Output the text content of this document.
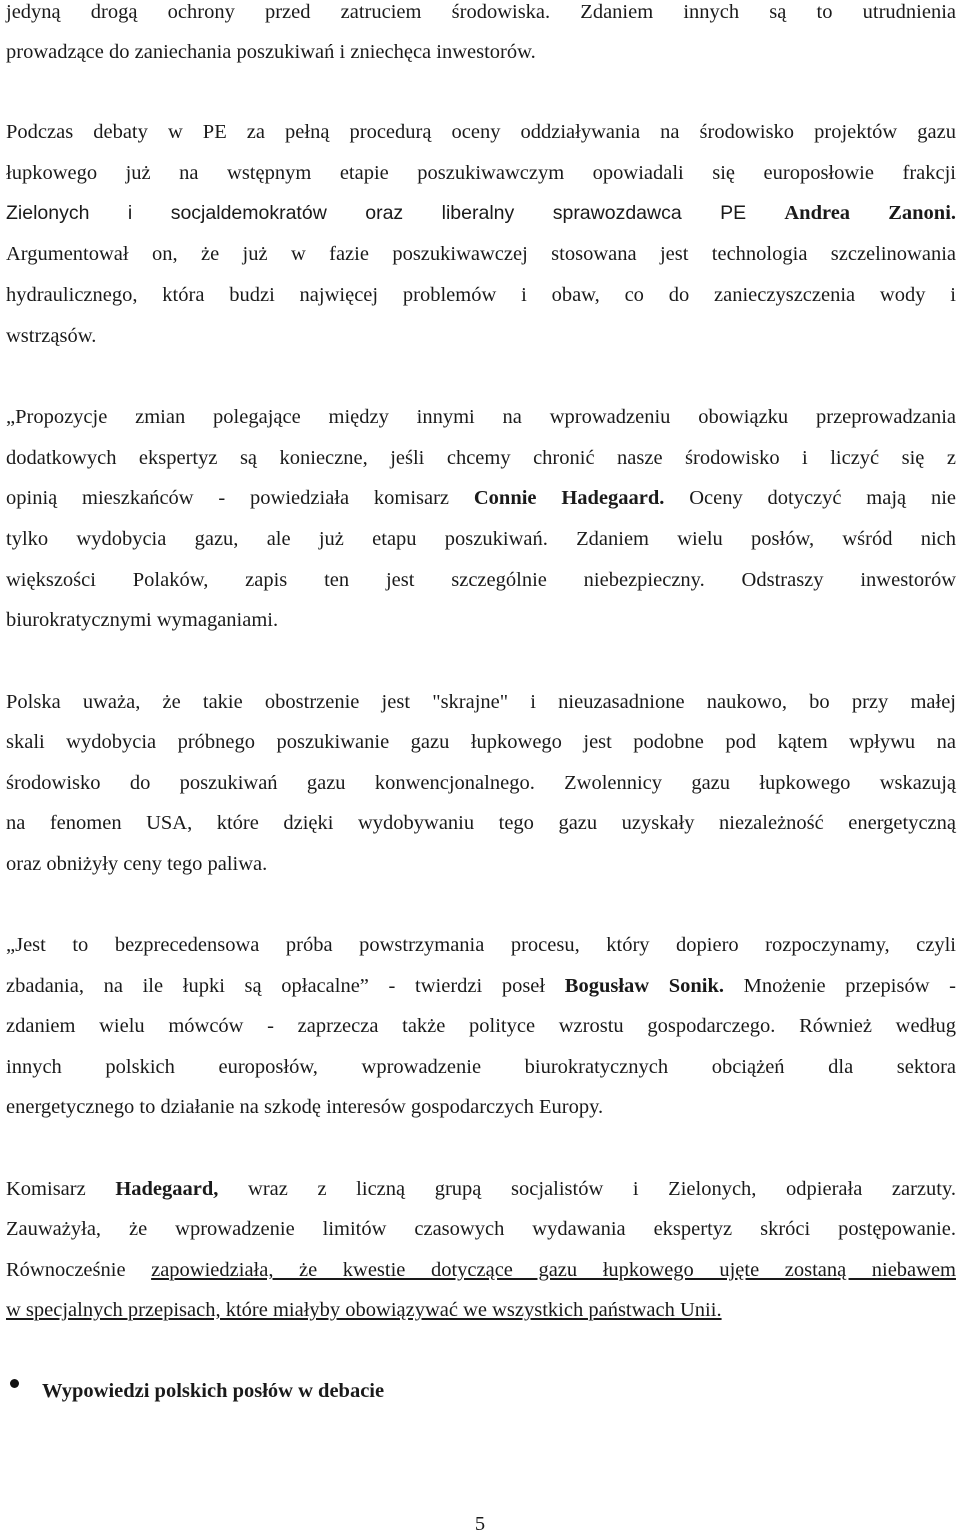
jedyną drogą ochrony przed zatruciem środowiska. Zdaniem innych są to utrudnienia
prowadzące do zaniechania poszukiwań i zniechęca inwestorów.
Podczas debaty w PE za pełną procedurą oceny oddziaływania na środowisko projektów gazu
łupkowego już na wstępnym etapie poszukiwawczym opowiadali się europosłowie frakcji
Zielonych i socjaldemokratów oraz liberalny sprawozdawca PE Andrea Zanoni.
Argumentował on, że już w fazie poszukiwawczej stosowana jest technologia szczelinowania
hydraulicznego, która budzi najwięcej problemów i obaw, co do zanieczyszczenia wody i
wstrząsów.
„Propozycje zmian polegające między innymi na wprowadzeniu obowiązku przeprowadzania
dodatkowych ekspertyz są konieczne, jeśli chcemy chronić nasze środowisko i liczyć się z
opinią mieszkańców - powiedziała komisarz Connie Hadegaard. Oceny dotyczyć mają nie
tylko wydobycia gazu, ale już etapu poszukiwań. Zdaniem wielu posłów, wśród nich
większości Polaków, zapis ten jest szczególnie niebezpieczny. Odstraszy inwestorów
biurokratycznymi wymaganiami.
Polska uważa, że takie obostrzenie jest "skrajne" i nieuzasadnione naukowo, bo przy małej
skali wydobycia próbnego poszukiwanie gazu łupkowego jest podobne pod kątem wpływu na
środowisko do poszukiwań gazu konwencjonalnego. Zwolennicy gazu łupkowego wskazują
na fenomen USA, które dzięki wydobywaniu tego gazu uzyskały niezależność energetyczną
oraz obniżyły ceny tego paliwa.
„Jest to bezprecedensowa próba powstrzymania procesu, który dopiero rozpoczynamy, czyli
zbadania, na ile łupki są opłacalne” - twierdzi poseł Bogusław Sonik. Mnożenie przepisów -
zdaniem wielu mówców - zaprzecza także polityce wzrostu gospodarczego. Również według
innych polskich europosłów, wprowadzenie biurokratycznych obciążeń dla sektora
energetycznego to działanie na szkodę interesów gospodarczych Europy.
Komisarz Hadegaard, wraz z liczną grupą socjalistów i Zielonych, odpierała zarzuty.
Zauważyła, że wprowadzenie limitów czasowych wydawania ekspertyz skróci postępowanie.
Równocześnie zapowiedziała, że kwestie dotyczące gazu łupkowego ujęte zostaną niebawem
w specjalnych przepisach, które miałyby obowiązywać we wszystkich państwach Unii.
Wypowiedzi polskich posłów w debacie
5
